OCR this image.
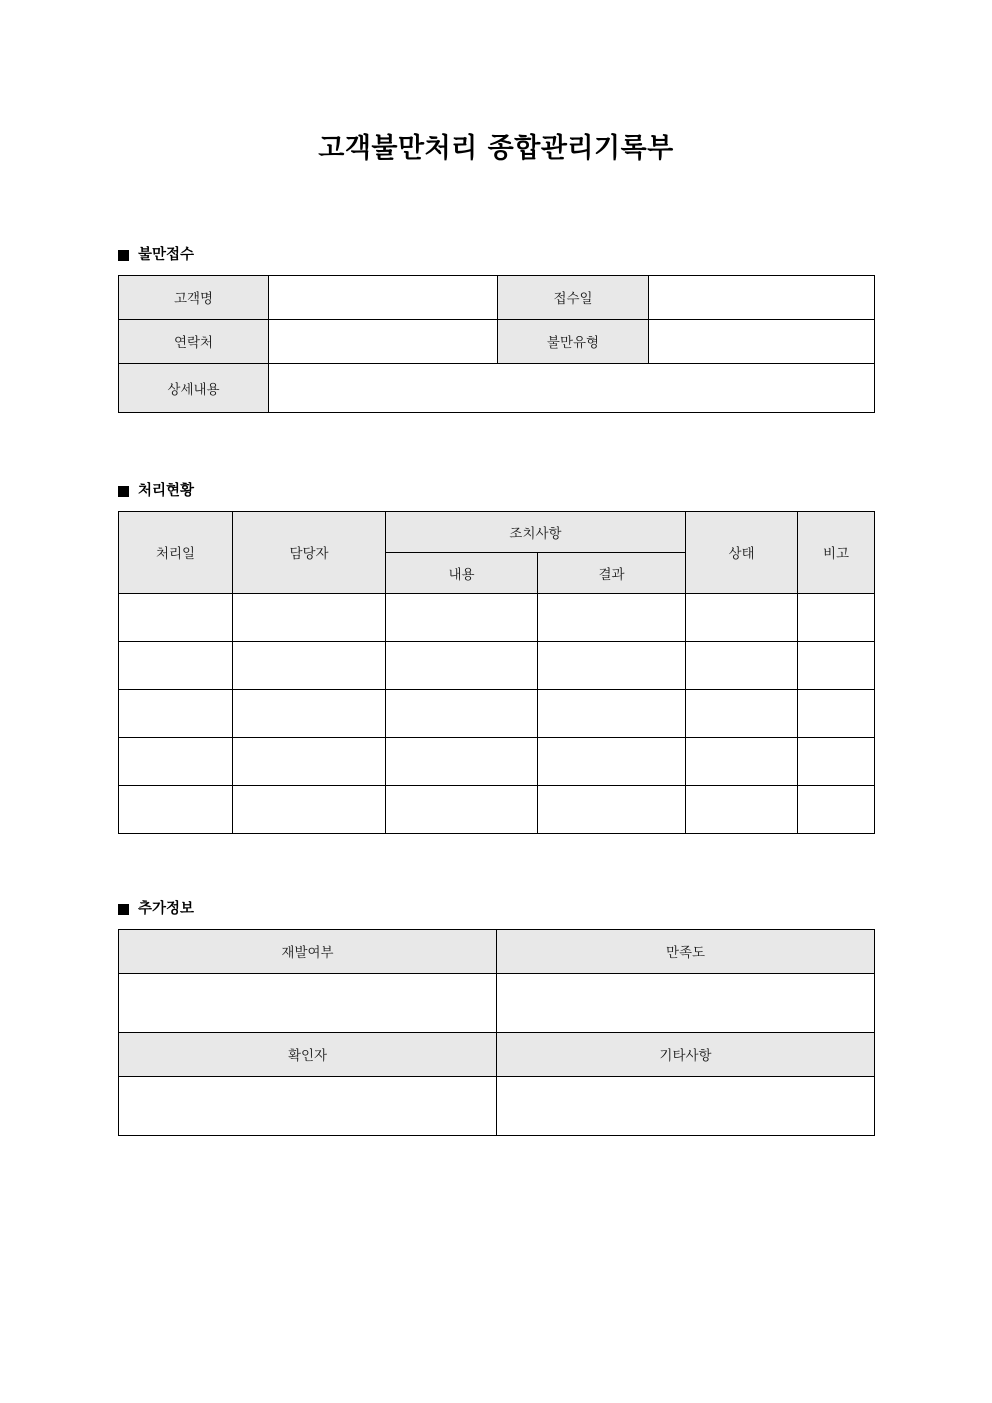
고객불만처리 종합관리기록부
불만접수
고객명		접수일	
연락처		불만유형	
상세내용			
처리현황
처리일	담당자	조치사항		상태	비고
		내용	결과		

추가정보
재발여부	만족도

확인자	기타사항
